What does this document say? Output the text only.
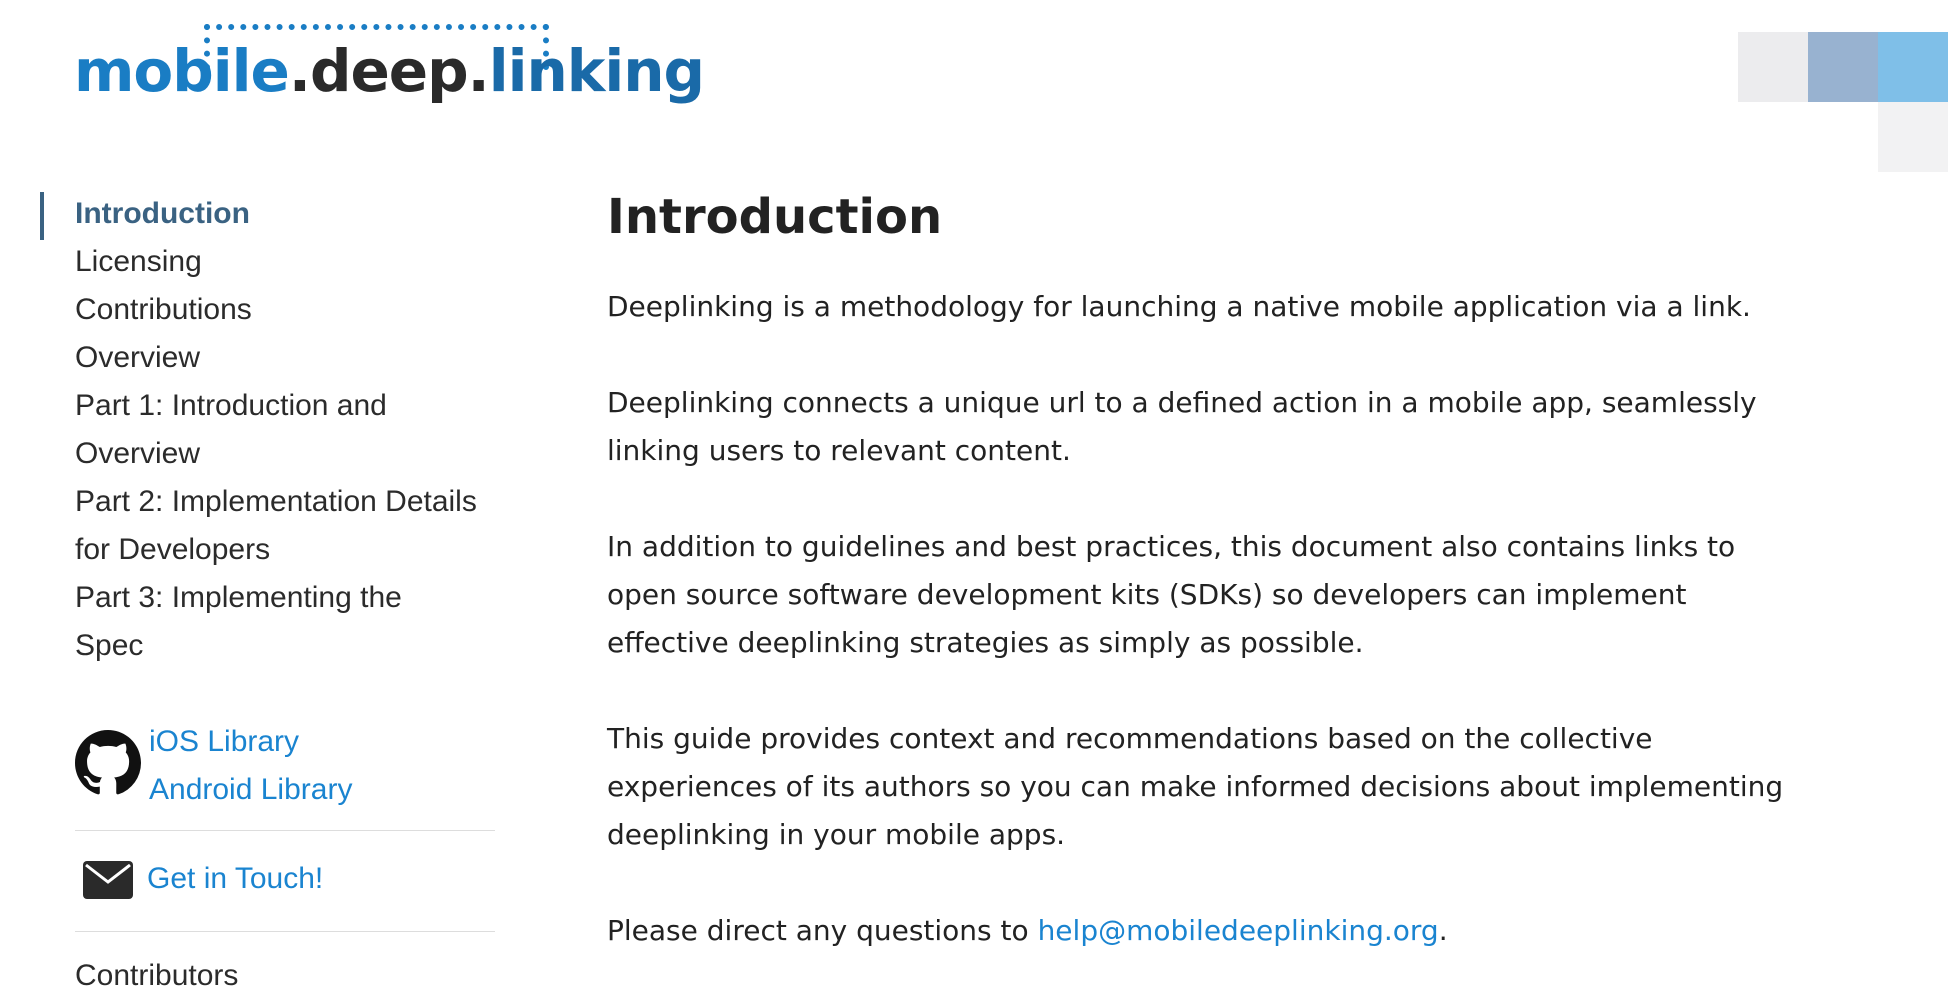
mobile.deep.linking
Introduction
Licensing
Contributions
Overview
Part 1: Introduction and
Overview
Part 2: Implementation Details
for Developers
Part 3: Implementing the
Spec
iOS Library
Android Library
Get in Touch!
Contributors
Introduction

Deeplinking is a methodology for launching a native mobile application via a link.

Deeplinking connects a unique url to a defined action in a mobile app, seamlessly linking users to relevant content.

In addition to guidelines and best practices, this document also contains links to open source software development kits (SDKs) so developers can implement effective deeplinking strategies as simply as possible.

This guide provides context and recommendations based on the collective experiences of its authors so you can make informed decisions about implementing deeplinking in your mobile apps.

Please direct any questions to help@mobiledeeplinking.org.
